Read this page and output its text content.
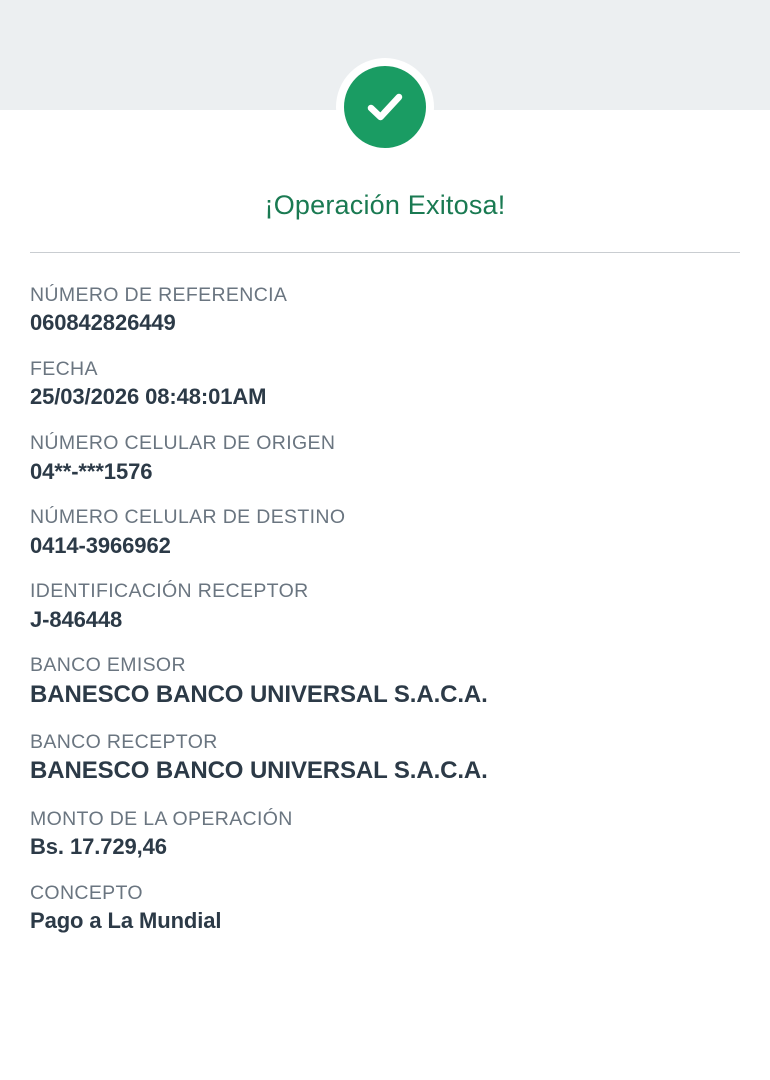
¡Operación Exitosa!
NÚMERO DE REFERENCIA
060842826449
FECHA
25/03/2026 08:48:01AM
NÚMERO CELULAR DE ORIGEN
04**-***1576
NÚMERO CELULAR DE DESTINO
0414-3966962
IDENTIFICACIÓN RECEPTOR
J-846448
BANCO EMISOR
BANESCO BANCO UNIVERSAL S.A.C.A.
BANCO RECEPTOR
BANESCO BANCO UNIVERSAL S.A.C.A.
MONTO DE LA OPERACIÓN
Bs. 17.729,46
CONCEPTO
Pago a La Mundial
